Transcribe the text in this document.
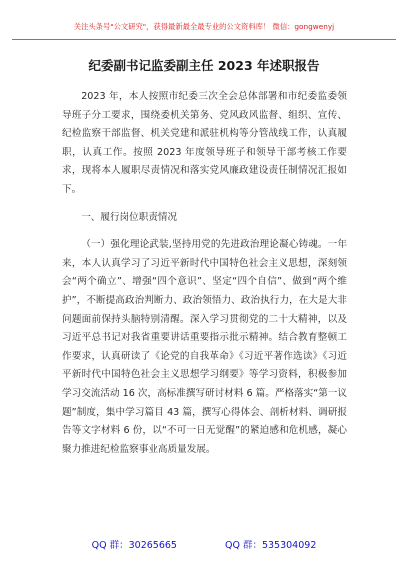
关注头条号"公文研究"，获得最新最全最专业的公文资料库！ 微信：gongwenyj
纪委副书记监委副主任 2023 年述职报告

2023 年，本人按照市纪委三次全会总体部署和市纪委监委领导班子分工要求，围绕委机关第务、党风政风监督、组织、宣传、纪检监察干部监督、机关党建和派驻机构等分管战线工作，认真履职，认真工作。按照 2023 年度领导班子和领导干部考核工作要求，现将本人履职尽责情况和落实党风廉政建设责任制情况汇报如下。

一、履行岗位职责情况

（一）强化理论武装,坚持用党的先进政治理论凝心铸魂。一年来，本人认真学习了习近平新时代中国特色社会主义思想，深刻领会“两个确立”、增强“四个意识”、坚定“四个自信”、做到“两个维护”，不断提高政治判断力、政治领悟力、政治执行力，在大是大非问题面前保持头脑特别清醒。深入学习贯彻党的二十大精神，以及习近平总书记对我省重要讲话重要指示批示精神。结合教育整顿工作要求，认真研读了《论党的自我革命》《习近平著作选读》《习近平新时代中国特色社会主义思想学习纲要》等学习资料，积极参加学习交流活动 16 次，高标准撰写研讨材料 6 篇。严格落实“第一议题”制度，集中学习篇目 43 篇，撰写心得体会、剖析材料、调研报告等文字材料 6 份，以“不可一日无觉醒”的紧迫感和危机感，凝心聚力推进纪检监察事业高质量发展。

QQ 群：30265665	QQ 群：535304092
